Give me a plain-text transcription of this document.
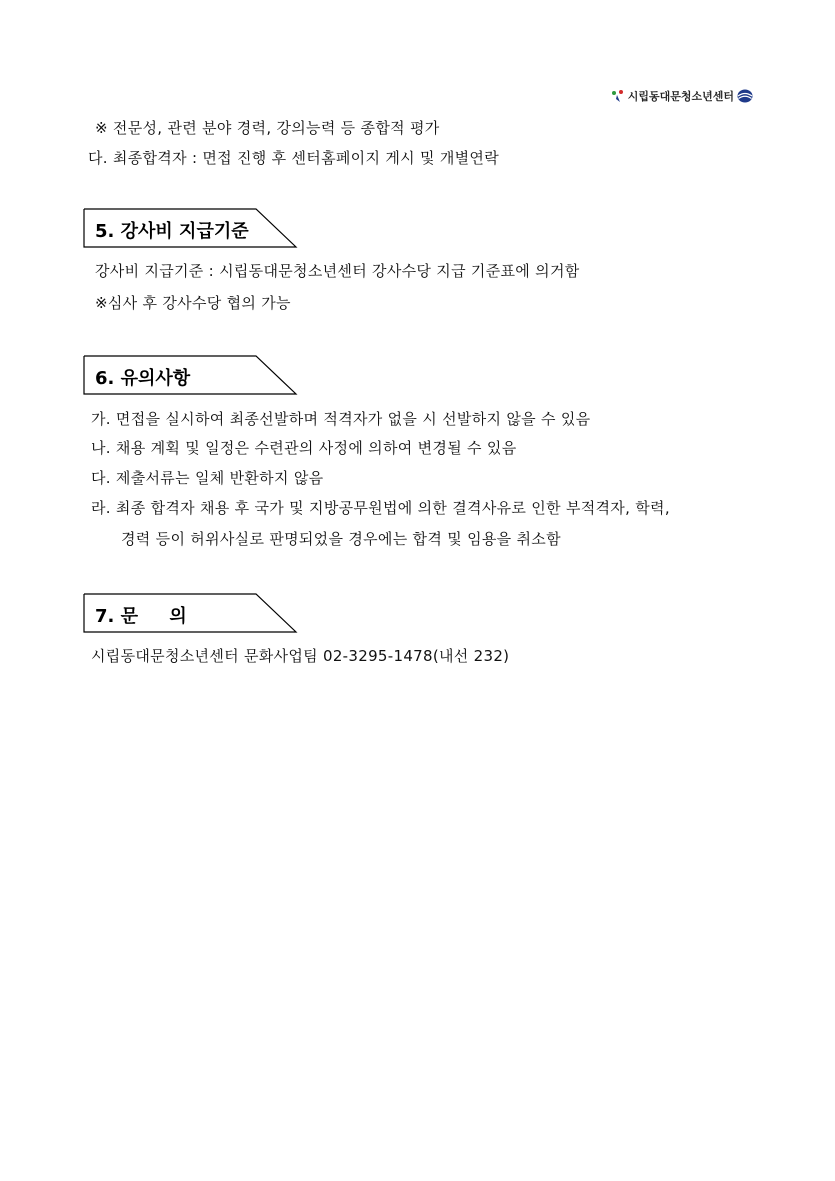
시립동대문청소년센터
※ 전문성, 관련 분야 경력, 강의능력 등 종합적 평가
다. 최종합격자 : 면접 진행 후 센터홈페이지 게시 및 개별연락
5. 강사비 지급기준
강사비 지급기준 : 시립동대문청소년센터 강사수당 지급 기준표에 의거함
※심사 후 강사수당 협의 가능
6. 유의사항
가. 면접을 실시하여 최종선발하며 적격자가 없을 시 선발하지 않을 수 있음
나. 채용 계획 및 일정은 수련관의 사정에 의하여 변경될 수 있음
다. 제출서류는 일체 반환하지 않음
라. 최종 합격자 채용 후 국가 및 지방공무원법에 의한 결격사유로 인한 부적격자, 학력,
경력 등이 허위사실로 판명되었을 경우에는 합격 및 임용을 취소함
7. 문     의
시립동대문청소년센터 문화사업팀 02-3295-1478(내선 232)
